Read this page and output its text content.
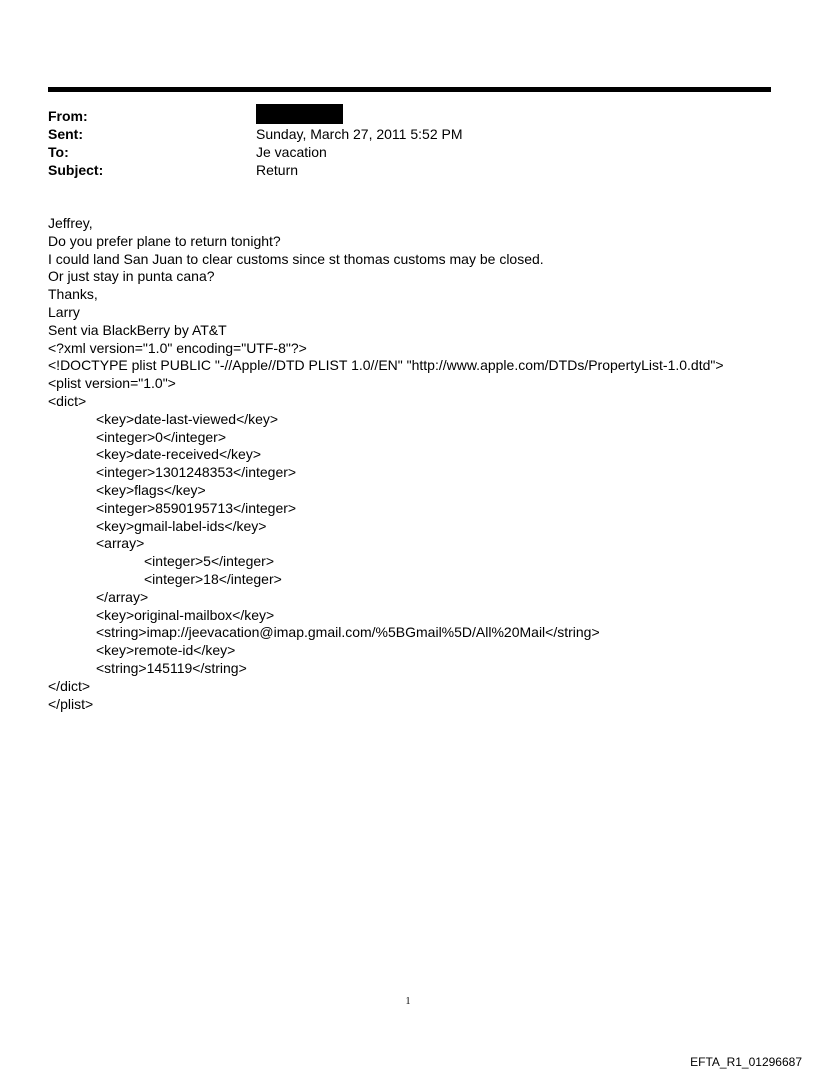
From:
Sent:	Sunday, March 27, 2011 5:52 PM
To:	Je vacation
Subject:	Return
Jeffrey,
Do you prefer plane to return tonight?
I could land San Juan to clear customs since st thomas customs may be closed.
Or just stay in punta cana?
Thanks,
Larry
Sent via BlackBerry by AT&T
<?xml version="1.0" encoding="UTF-8"?>
<!DOCTYPE plist PUBLIC "-//Apple//DTD PLIST 1.0//EN" "http://www.apple.com/DTDs/PropertyList-1.0.dtd">
<plist version="1.0">
<dict>
<key>date-last-viewed</key>
<integer>0</integer>
<key>date-received</key>
<integer>1301248353</integer>
<key>flags</key>
<integer>8590195713</integer>
<key>gmail-label-ids</key>
<array>
<integer>5</integer>
<integer>18</integer>
</array>
<key>original-mailbox</key>
<string>imap://jeevacation@imap.gmail.com/%5BGmail%5D/All%20Mail</string>
<key>remote-id</key>
<string>145119</string>
</dict>
</plist>
1
EFTA_R1_01296687
